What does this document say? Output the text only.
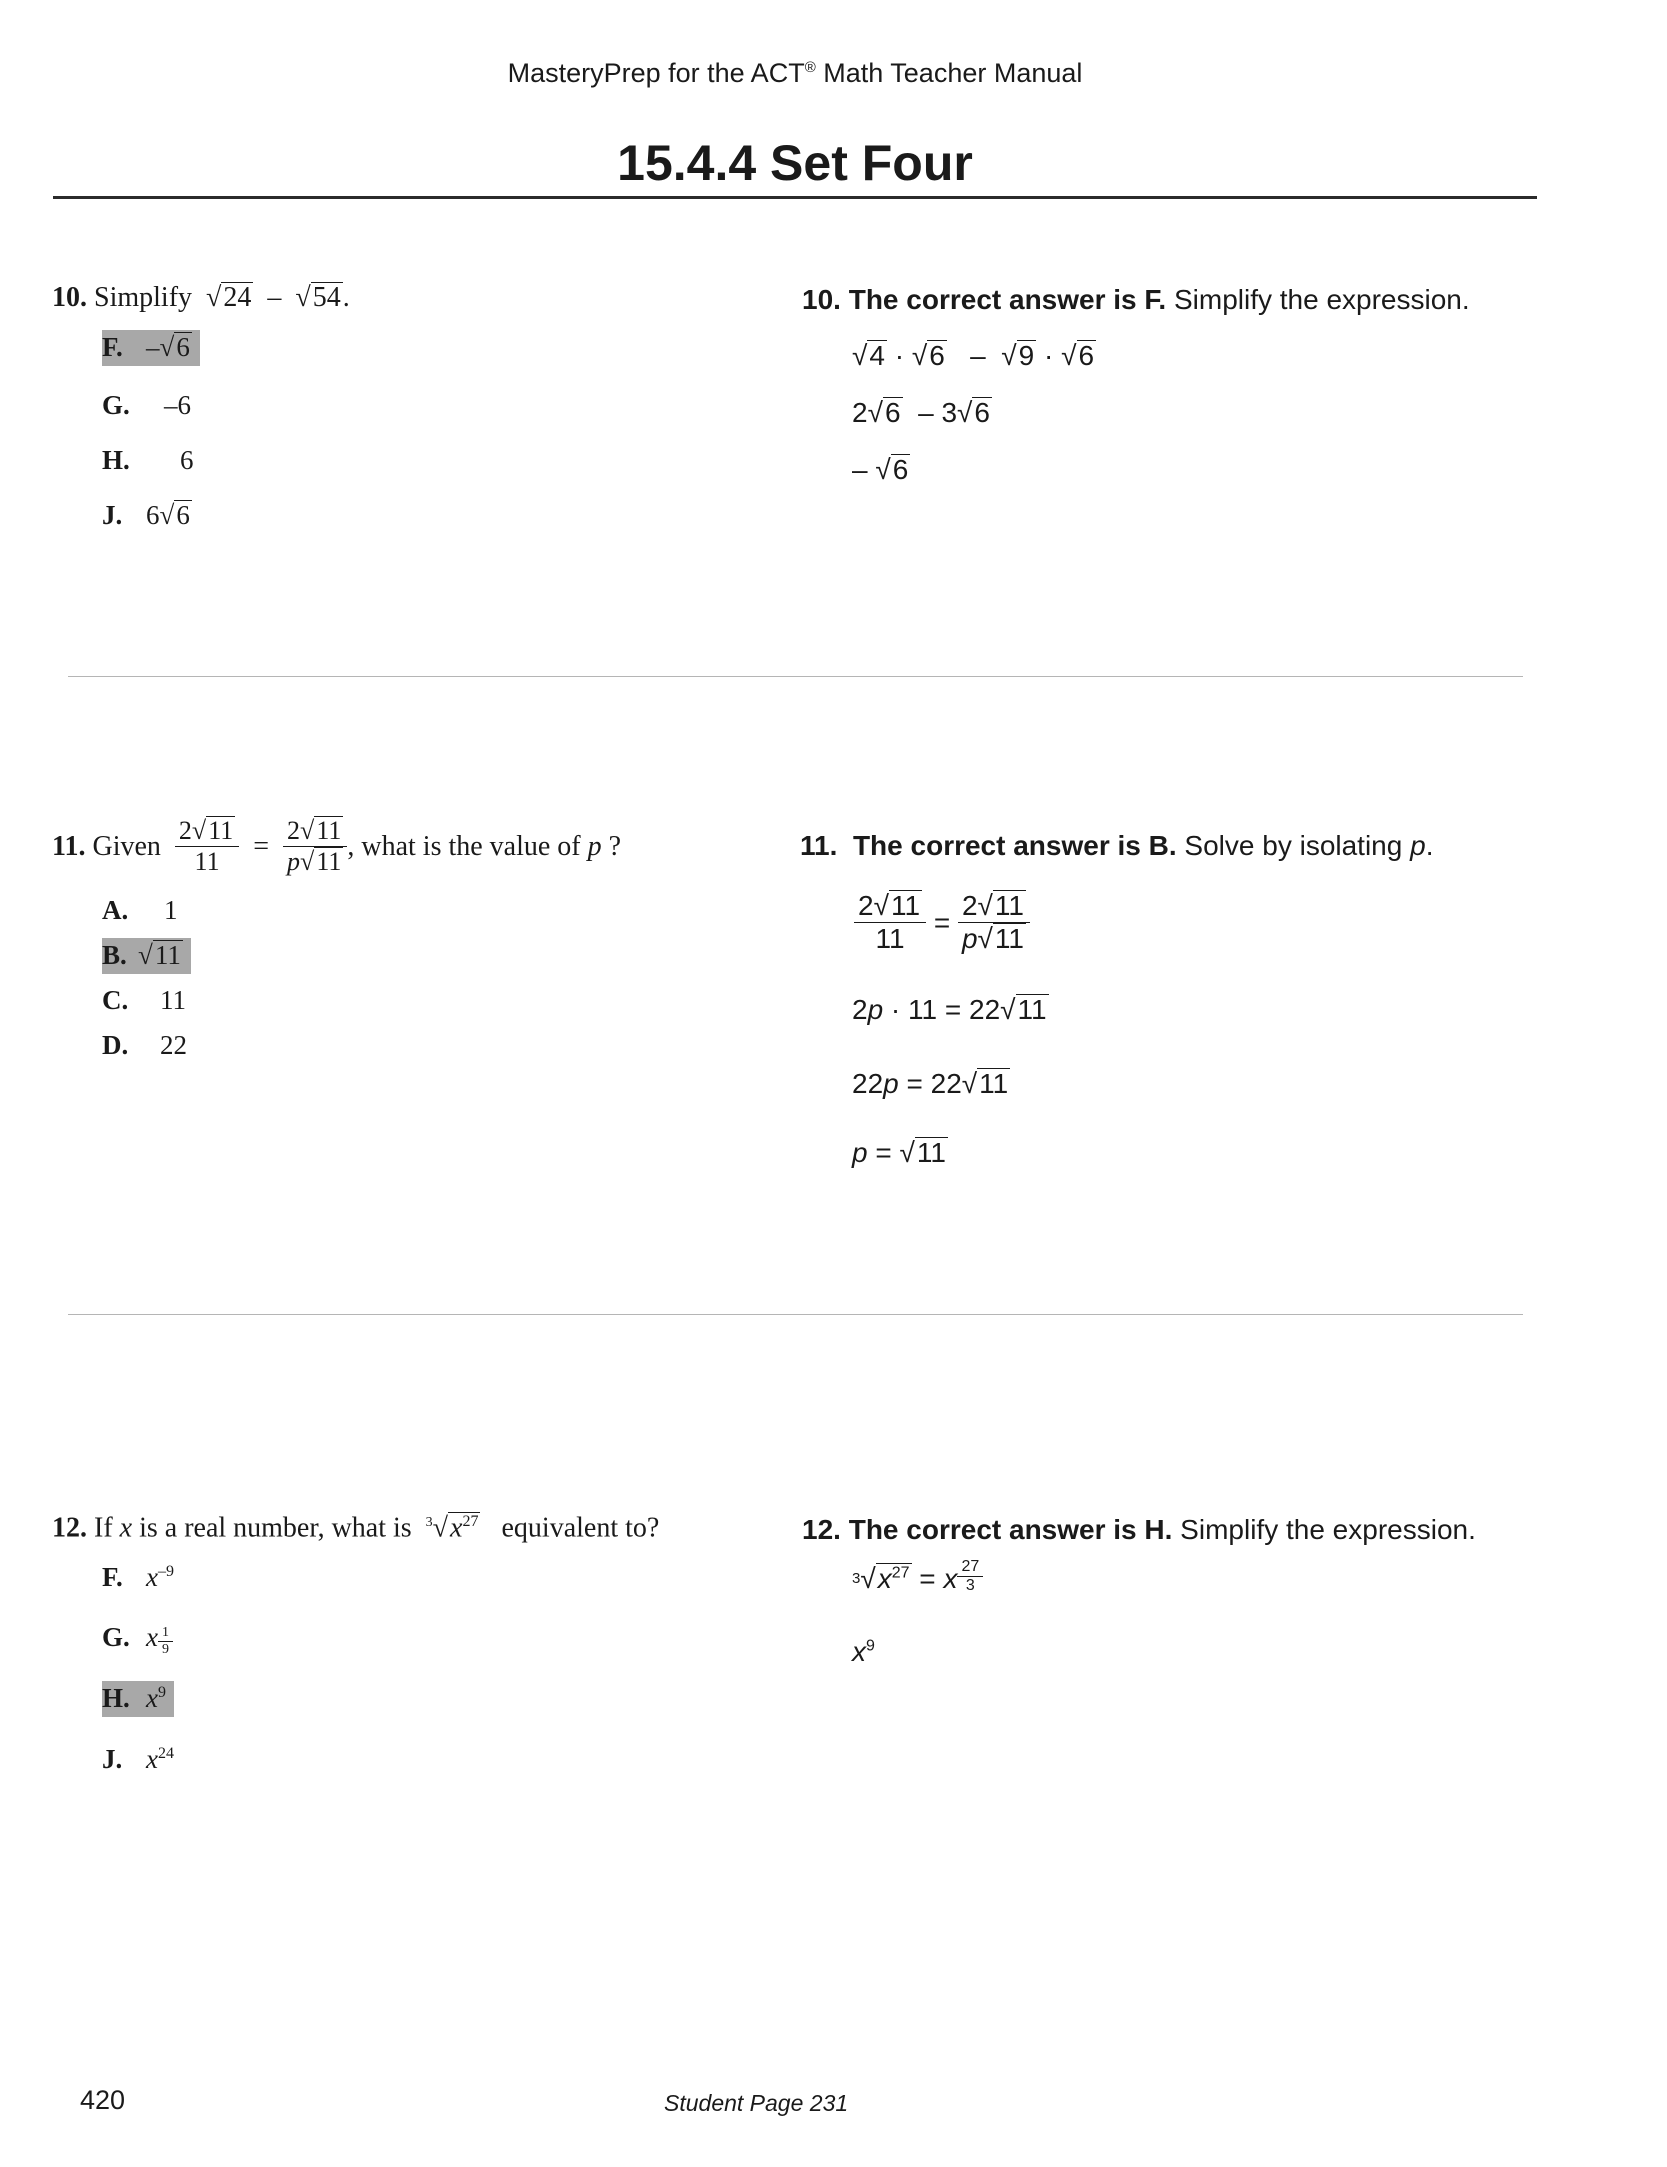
MasteryPrep for the ACT® Math Teacher Manual
15.4.4 Set Four
10. Simplify  √24 –  √54.
F. –√6
G. –6
H. 6
J. 6√6
10. The correct answer is F. Simplify the expression.
√4 · √6 –  √9 · √6
2√6 – 3√6
– √6
11.
Given
$\frac{2√11}{11}$
=
$\frac{2√11}{p√11}$ , what is the value of
p
?
A. 1
B. √11
C. 11
D. 22
11. The correct answer is B. Solve by isolating p.
$\frac{2√11}{11}$
=
$\frac{2√11}{p√11}$
2p · 11 = 22√11
22p = 22√11
p = √11
12. If x is a real number, what is $^3√x^{27}$ equivalent to?
F. $x^{-9}$
G. x $\frac{1}{9}$
H. $x^9$
J. $x^{24}$
12. The correct answer is H. Simplify the expression.
3 √ $x^{27}$
=
x $\frac{27}{3}$
$x^9$
420	Student Page 231
